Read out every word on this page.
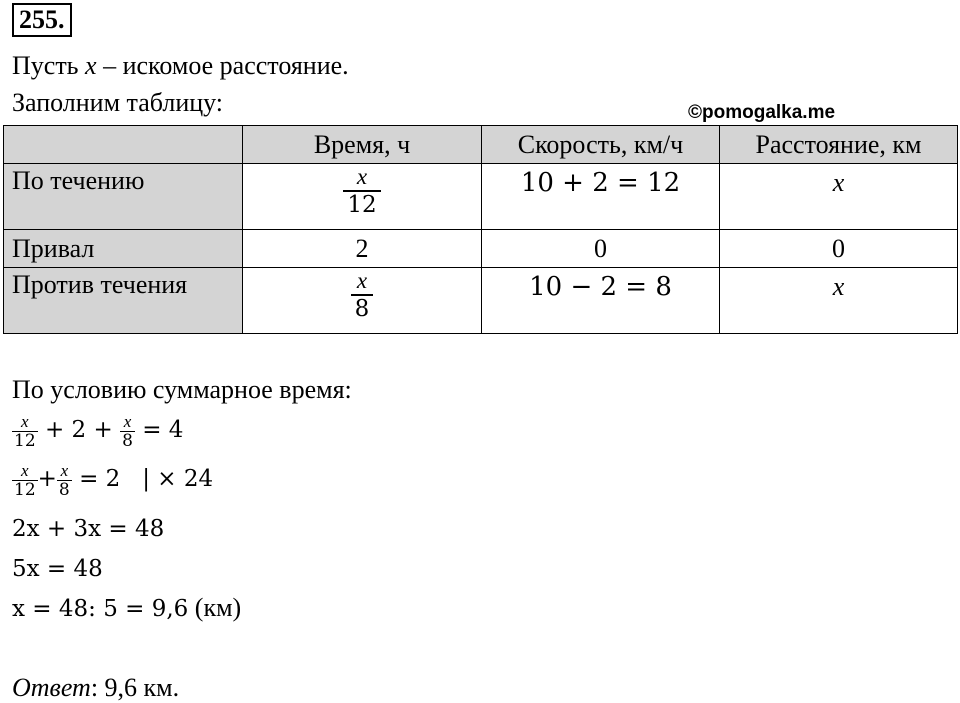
255.
Пусть x – искомое расстояние.
Заполним таблицу:	©pomogalka.me
	Время, ч	Скорость, км/ч	Расстояние, км
По течению	$\frac{x}{12}$	10 + 2 = 12	x
Привал	2	0	0
Против течения	$\frac{x}{8}$	10 − 2 = 8	x
По условию суммарное время:
$\frac{x}{12} + 2 + \frac{x}{8} = 4$
$\frac{x}{12} + \frac{x}{8} = 2$   | × 24
2x + 3x = 48
5x = 48
x = 48: 5 = 9,6 (км)
Ответ: 9,6 км.
